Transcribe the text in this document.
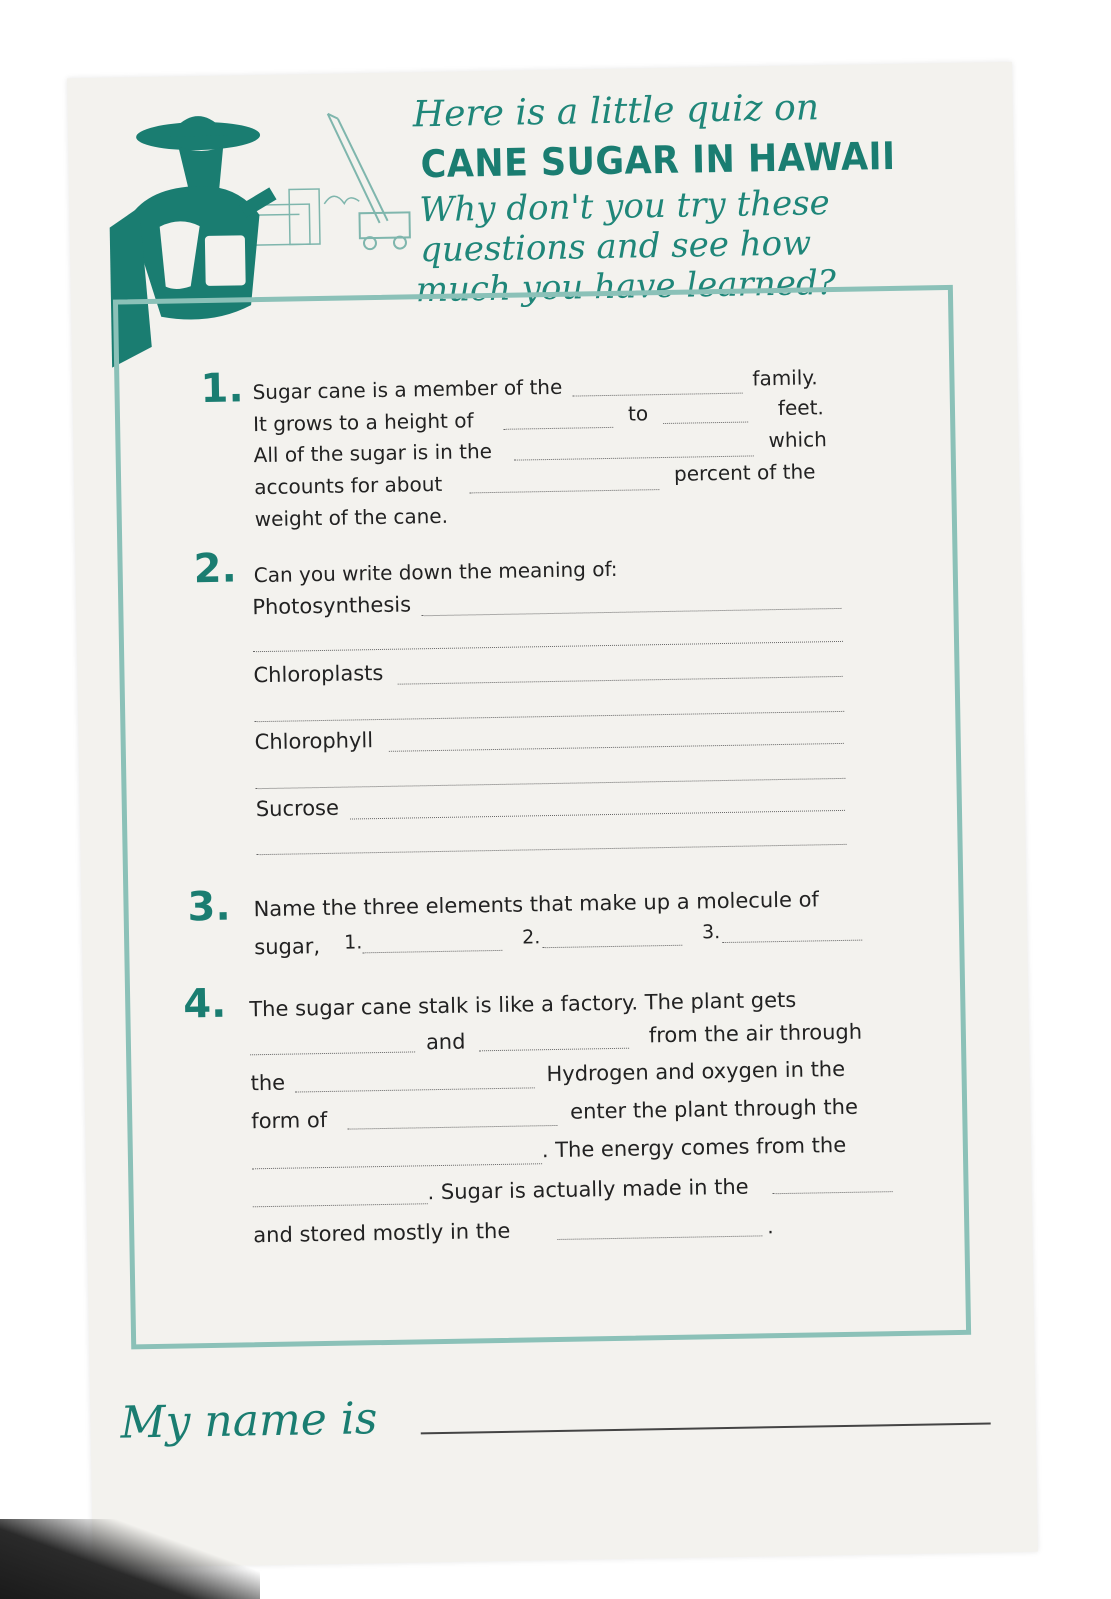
Here is a little quiz on

CANE SUGAR IN HAWAII

Why don't you try these

questions and see how

much you have learned?

1. Sugar cane is a member of the	family.
It grows to a height of	to	feet.
All of the sugar is in the	which
accounts for about	percent of the
weight of the cane.
2. Can you write down the meaning of:
Photosynthesis
Chloroplasts
Chlorophyll
Sucrose
3. Name the three elements that make up a molecule of
sugar, 1.	2.	3.
4. The sugar cane stalk is like a factory. The plant gets
and	from the air through
the	Hydrogen and oxygen in the
form of	enter the plant through the
. The energy comes from the
. Sugar is actually made in the
and stored mostly in the	.
My name is
